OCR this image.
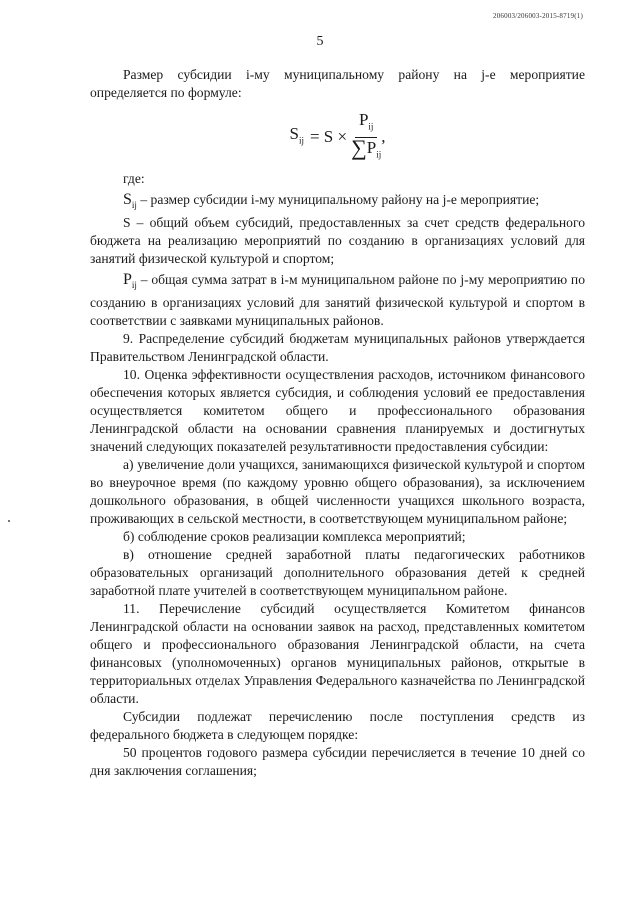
206003/206003-2015-8719(1)
5

Размер субсидии i-му муниципальному району на j-е мероприятие определяется по формуле:

$S_{ij} = S \times \frac{P_{ij}}{\sum P_{ij}}$ ,

где:

$S_{ij}$ – размер субсидии i-му муниципальному району на j-е мероприятие;

S – общий объем субсидий, предоставленных за счет средств федерального бюджета на реализацию мероприятий по созданию в организациях условий для занятий физической культурой и спортом;

$P_{ij}$ – общая сумма затрат в i-м муниципальном районе по j-му мероприятию по созданию в организациях условий для занятий физической культурой и спортом в соответствии с заявками муниципальных районов.

9. Распределение субсидий бюджетам муниципальных районов утверждается Правительством Ленинградской области.

10. Оценка эффективности осуществления расходов, источником финансового обеспечения которых является субсидия, и соблюдения условий ее предоставления осуществляется комитетом общего и профессионального образования Ленинградской области на основании сравнения планируемых и достигнутых значений следующих показателей результативности предоставления субсидии:

а) увеличение доли учащихся, занимающихся физической культурой и спортом во внеурочное время (по каждому уровню общего образования), за исключением дошкольного образования, в общей численности учащихся школьного возраста, проживающих в сельской местности, в соответствующем муниципальном районе;

б) соблюдение сроков реализации комплекса мероприятий;

в) отношение средней заработной платы педагогических работников образовательных организаций дополнительного образования детей к средней заработной плате учителей в соответствующем муниципальном районе.

11. Перечисление субсидий осуществляется Комитетом финансов Ленинградской области на основании заявок на расход, представленных комитетом общего и профессионального образования Ленинградской области, на счета финансовых (уполномоченных) органов муниципальных районов, открытые в территориальных отделах Управления Федерального казначейства по Ленинградской области.

Субсидии подлежат перечислению после поступления средств из федерального бюджета в следующем порядке:

50 процентов годового размера субсидии перечисляется в течение 10 дней со дня заключения соглашения;
